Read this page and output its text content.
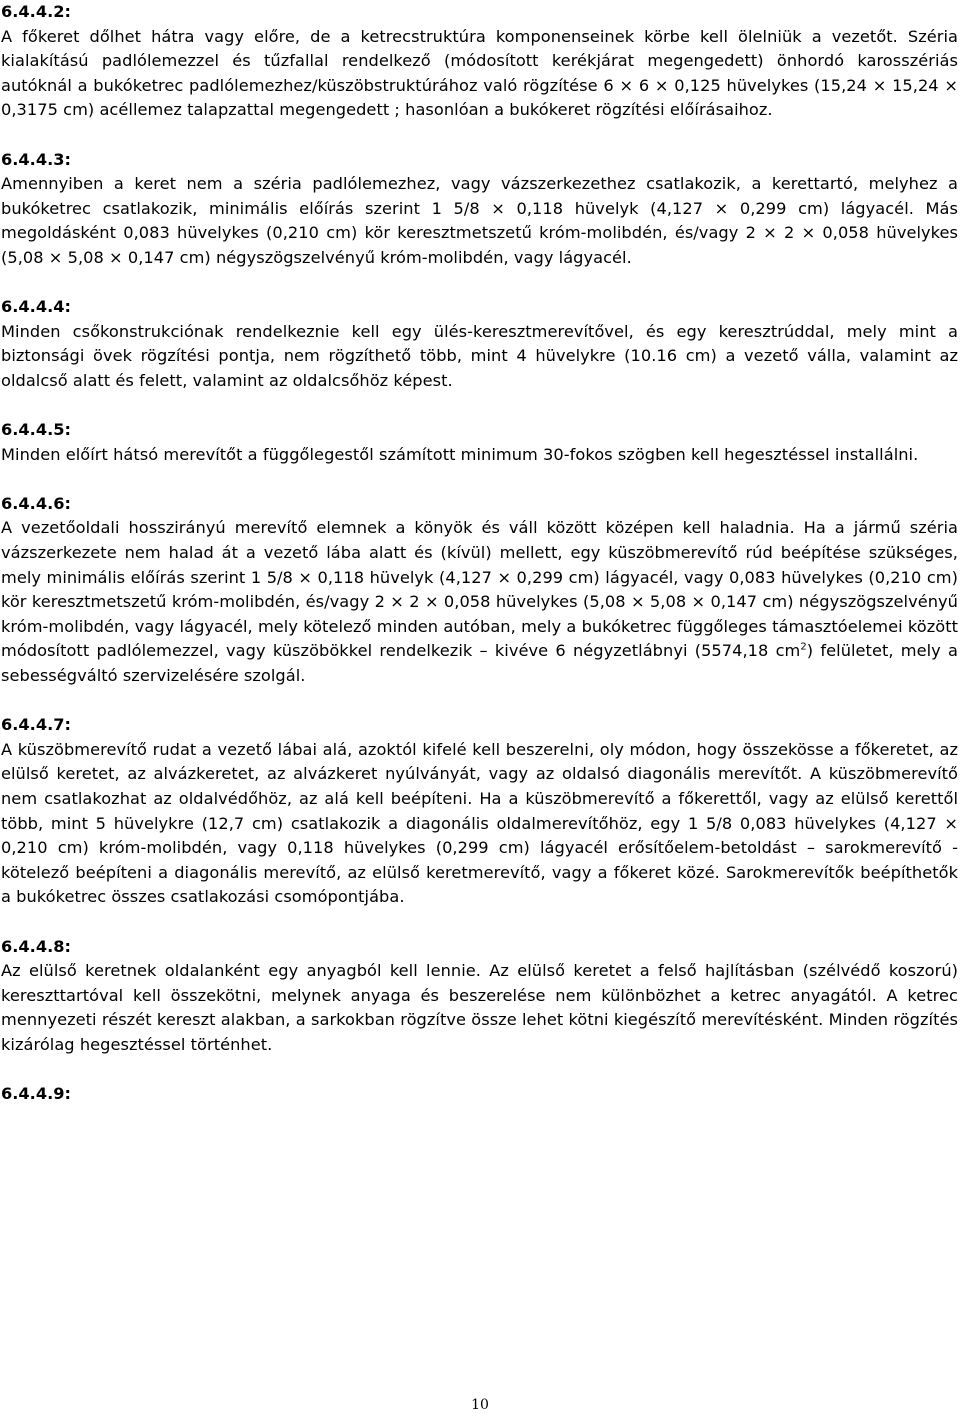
6.4.4.2:

A főkeret dőlhet hátra vagy előre, de a ketrecstruktúra komponenseinek körbe kell ölelniük a vezetőt. Széria kialakítású padlólemezzel és tűzfallal rendelkező (módosított kerékjárat megengedett) önhordó karosszériás autóknál a bukóketrec padlólemezhez/küszöbstruktúrához való rögzítése 6 × 6 × 0,125 hüvelykes (15,24 × 15,24 × 0,3175 cm) acéllemez talapzattal megengedett ; hasonlóan a bukókeret rögzítési előírásaihoz.

6.4.4.3:

Amennyiben a keret nem a széria padlólemezhez, vagy vázszerkezethez csatlakozik, a kerettartó, melyhez a bukóketrec csatlakozik, minimális előírás szerint 1 5/8 × 0,118 hüvelyk (4,127 × 0,299 cm) lágyacél. Más megoldásként 0,083 hüvelykes (0,210 cm) kör keresztmetszetű króm-molibdén, és/vagy 2 × 2 × 0,058 hüvelykes (5,08 × 5,08 × 0,147 cm) négyszögszelvényű króm-molibdén, vagy lágyacél.

6.4.4.4:

Minden csőkonstrukciónak rendelkeznie kell egy ülés-keresztmerevítővel, és egy keresztrúddal, mely mint a biztonsági övek rögzítési pontja, nem rögzíthető több, mint 4 hüvelykre (10.16 cm) a vezető válla, valamint az oldalcső alatt és felett, valamint az oldalcsőhöz képest.

6.4.4.5:

Minden előírt hátsó merevítőt a függőlegestől számított minimum 30-fokos szögben kell hegesztéssel installálni.

6.4.4.6:

A vezetőoldali hosszirányú merevítő elemnek a könyök és váll között középen kell haladnia. Ha a jármű széria vázszerkezete nem halad át a vezető lába alatt és (kívül) mellett, egy küszöbmerevítő rúd beépítése szükséges, mely minimális előírás szerint 1 5/8 × 0,118 hüvelyk (4,127 × 0,299 cm) lágyacél, vagy 0,083 hüvelykes (0,210 cm) kör keresztmetszetű króm-molibdén, és/vagy 2 × 2 × 0,058 hüvelykes (5,08 × 5,08 × 0,147 cm) négyszögszelvényű króm-molibdén, vagy lágyacél, mely kötelező minden autóban, mely a bukóketrec függőleges támasztóelemei között módosított padlólemezzel, vagy küszöbökkel rendelkezik – kivéve 6 négyzetlábnyi (5574,18 $cm^2$) felületet, mely a sebességváltó szervizelésére szolgál.

6.4.4.7:

A küszöbmerevítő rudat a vezető lábai alá, azoktól kifelé kell beszerelni, oly módon, hogy összekösse a főkeretet, az elülső keretet, az alvázkeretet, az alvázkeret nyúlványát, vagy az oldalsó diagonális merevítőt. A küszöbmerevítő nem csatlakozhat az oldalvédőhöz, az alá kell beépíteni. Ha a küszöbmerevítő a főkerettől, vagy az elülső kerettől több, mint 5 hüvelykre (12,7 cm) csatlakozik a diagonális oldalmerevítőhöz, egy 1 5/8 0,083 hüvelykes (4,127 × 0,210 cm) króm-molibdén, vagy 0,118 hüvelykes (0,299 cm) lágyacél erősítőelem-betoldást – sarokmerevítő - kötelező beépíteni a diagonális merevítő, az elülső keretmerevítő, vagy a főkeret közé. Sarokmerevítők beépíthetők a bukóketrec összes csatlakozási csomópontjába.

6.4.4.8:

Az elülső keretnek oldalanként egy anyagból kell lennie. Az elülső keretet a felső hajlításban (szélvédő koszorú) kereszttartóval kell összekötni, melynek anyaga és beszerelése nem különbözhet a ketrec anyagától. A ketrec mennyezeti részét kereszt alakban, a sarkokban rögzítve össze lehet kötni kiegészítő merevítésként. Minden rögzítés kizárólag hegesztéssel történhet.

6.4.4.9:

10
